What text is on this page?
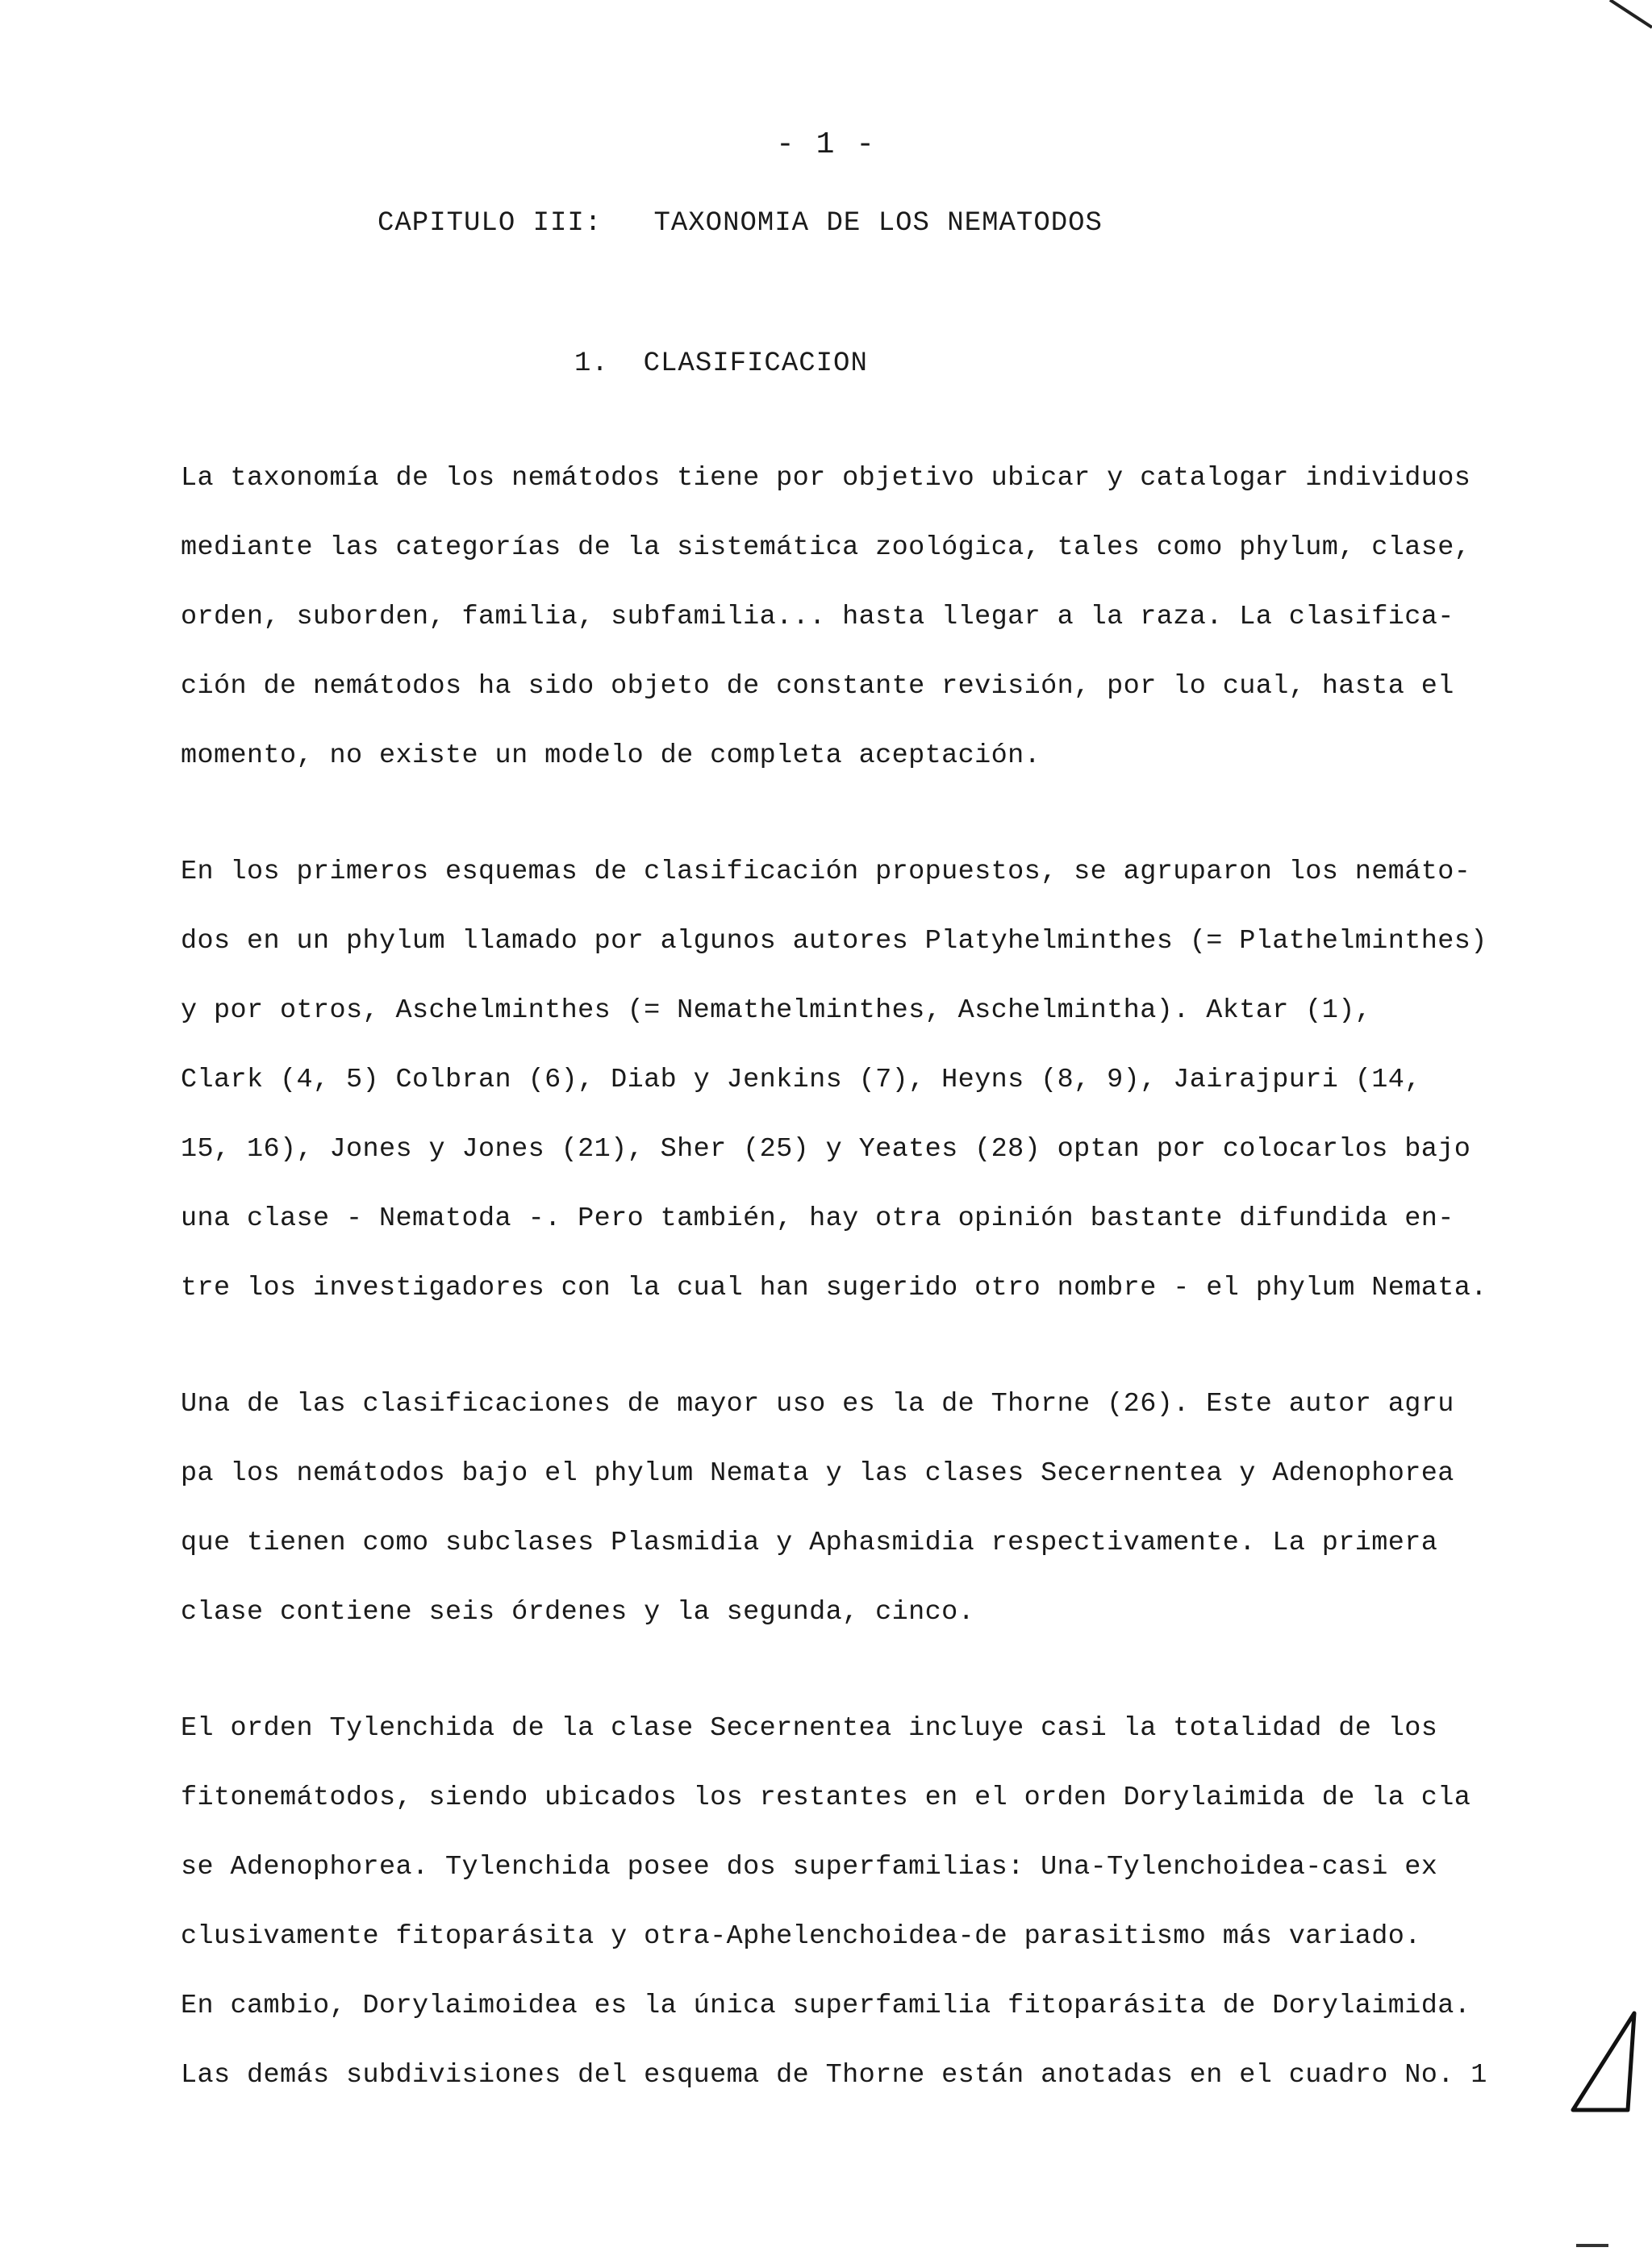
- 1 -
CAPITULO III:   TAXONOMIA DE LOS NEMATODOS
1.  CLASIFICACION
La taxonomía de los nemátodos tiene por objetivo ubicar y catalogar individuos
mediante las categorías de la sistemática zoológica, tales como phylum, clase,
orden, suborden, familia, subfamilia... hasta llegar a la raza. La clasifica-
ción de nemátodos ha sido objeto de constante revisión, por lo cual, hasta el
momento, no existe un modelo de completa aceptación.
En los primeros esquemas de clasificación propuestos, se agruparon los nemáto-
dos en un phylum llamado por algunos autores Platyhelminthes (= Plathelminthes)
y por otros, Aschelminthes (= Nemathelminthes, Aschelmintha). Aktar (1),
Clark (4, 5) Colbran (6), Diab y Jenkins (7), Heyns (8, 9), Jairajpuri (14,
15, 16), Jones y Jones (21), Sher (25) y Yeates (28) optan por colocarlos bajo
una clase - Nematoda -. Pero también, hay otra opinión bastante difundida en-
tre los investigadores con la cual han sugerido otro nombre - el phylum Nemata.
Una de las clasificaciones de mayor uso es la de Thorne (26). Este autor agru
pa los nemátodos bajo el phylum Nemata y las clases Secernentea y Adenophorea
que tienen como subclases Plasmidia y Aphasmidia respectivamente. La primera
clase contiene seis órdenes y la segunda, cinco.
El orden Tylenchida de la clase Secernentea incluye casi la totalidad de los
fitonemátodos, siendo ubicados los restantes en el orden Dorylaimida de la cla
se Adenophorea. Tylenchida posee dos superfamilias: Una-Tylenchoidea-casi ex
clusivamente fitoparásita y otra-Aphelenchoidea-de parasitismo más variado.
En cambio, Dorylaimoidea es la única superfamilia fitoparásita de Dorylaimida.
Las demás subdivisiones del esquema de Thorne están anotadas en el cuadro No. 1
